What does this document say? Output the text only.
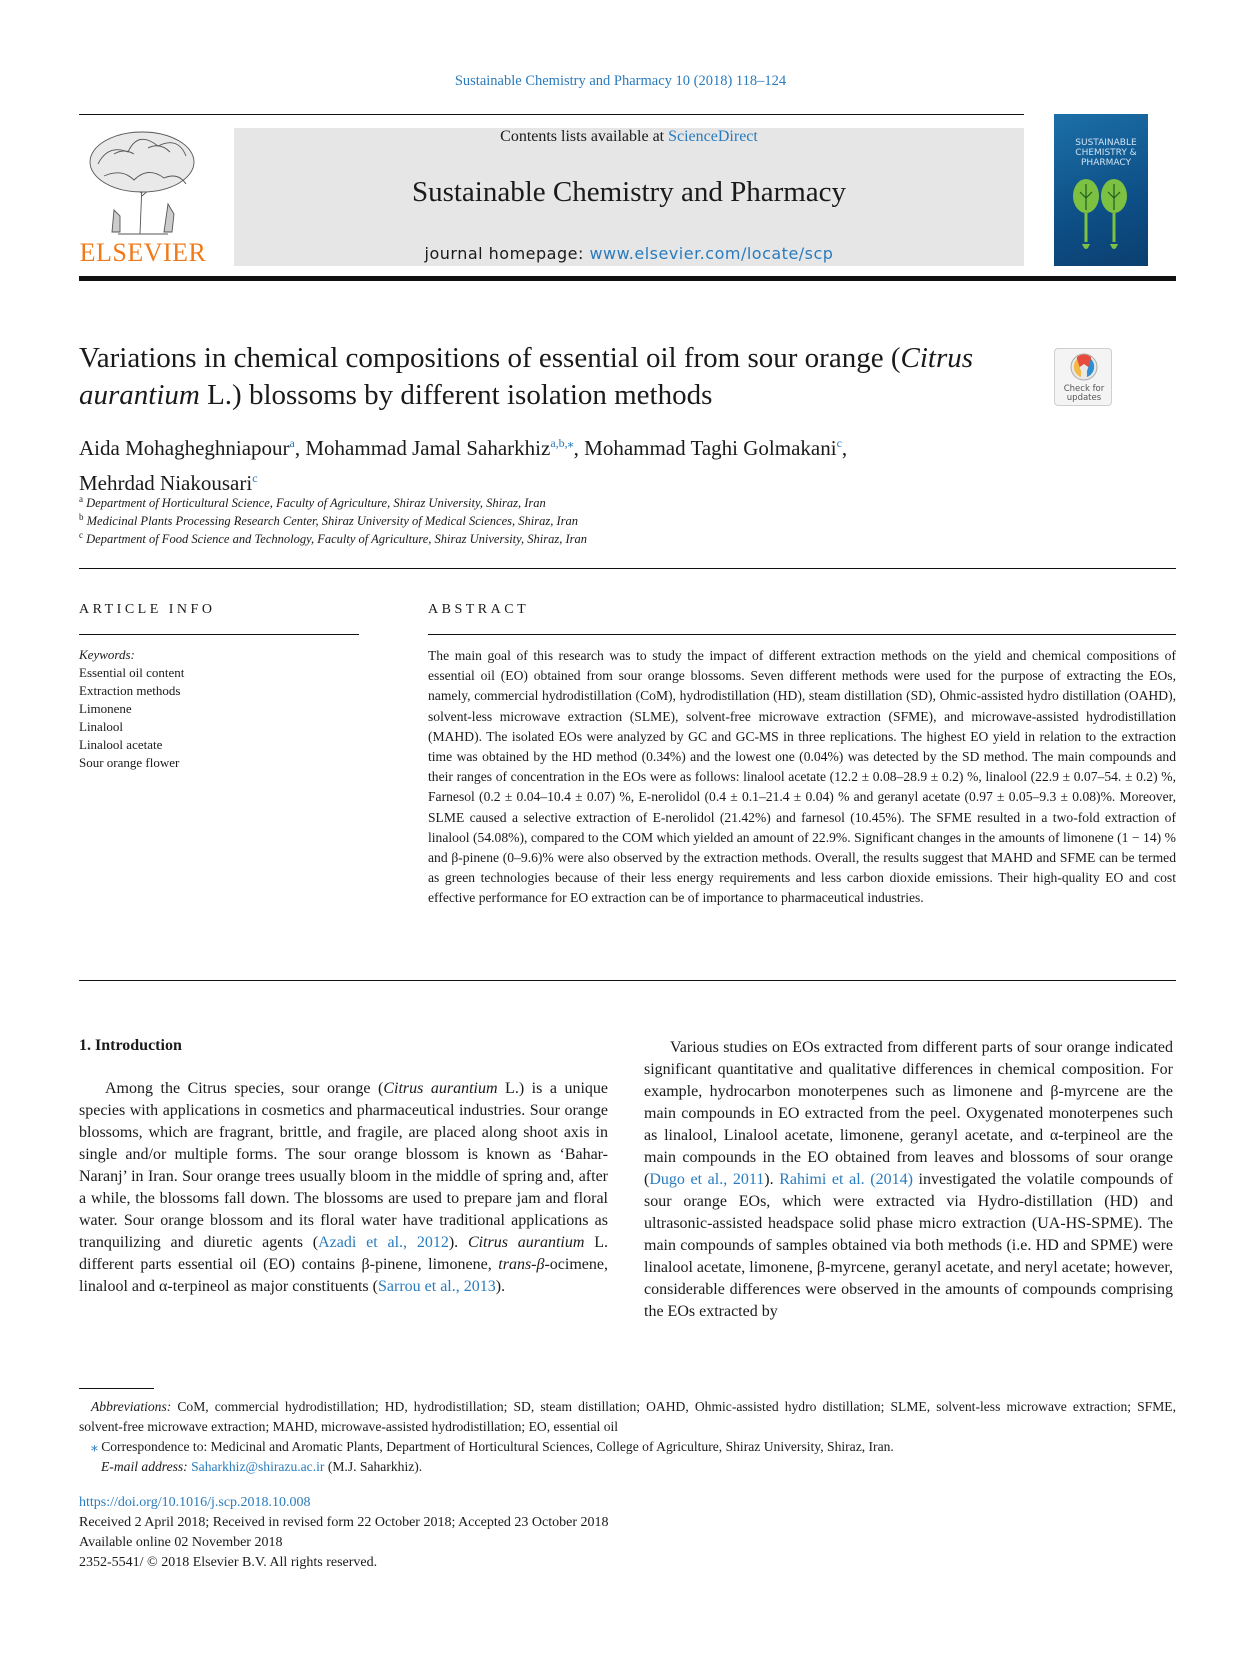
Sustainable Chemistry and Pharmacy 10 (2018) 118–124
ELSEVIER
Contents lists available at ScienceDirect
Sustainable Chemistry and Pharmacy
journal homepage: www.elsevier.com/locate/scp
SUSTAINABLE CHEMISTRY & PHARMACY
Variations in chemical compositions of essential oil from sour orange (Citrus aurantium L.) blossoms by different isolation methods	Check for updates
Aida Mohagheghniapour$^a$, Mohammad Jamal Saharkhiz$^{a,b,⁎}$, Mohammad Taghi Golmakani$^c$,
Mehrdad Niakousari$^c$
$^a$ Department of Horticultural Science, Faculty of Agriculture, Shiraz University, Shiraz, Iran
$^b$ Medicinal Plants Processing Research Center, Shiraz University of Medical Sciences, Shiraz, Iran
$^c$ Department of Food Science and Technology, Faculty of Agriculture, Shiraz University, Shiraz, Iran
ARTICLE INFO
Keywords:
Essential oil content
Extraction methods
Limonene
Linalool
Linalool acetate
Sour orange flower
ABSTRACT
The main goal of this research was to study the impact of different extraction methods on the yield and chemical compositions of essential oil (EO) obtained from sour orange blossoms. Seven different methods were used for the purpose of extracting the EOs, namely, commercial hydrodistillation (CoM), hydrodistillation (HD), steam distillation (SD), Ohmic-assisted hydro distillation (OAHD), solvent-less microwave extraction (SLME), solvent-free microwave extraction (SFME), and microwave-assisted hydrodistillation (MAHD). The isolated EOs were analyzed by GC and GC-MS in three replications. The highest EO yield in relation to the extraction time was obtained by the HD method (0.34%) and the lowest one (0.04%) was detected by the SD method. The main compounds and their ranges of concentration in the EOs were as follows: linalool acetate (12.2 ± 0.08–28.9 ± 0.2) %, linalool (22.9 ± 0.07–54. ± 0.2) %, Farnesol (0.2 ± 0.04–10.4 ± 0.07) %, E-nerolidol (0.4 ± 0.1–21.4 ± 0.04) % and geranyl acetate (0.97 ± 0.05–9.3 ± 0.08)%. Moreover, SLME caused a selective extraction of E-nerolidol (21.42%) and farnesol (10.45%). The SFME resulted in a two-fold extraction of linalool (54.08%), compared to the COM which yielded an amount of 22.9%. Significant changes in the amounts of limonene (1 − 14) % and β-pinene (0–9.6)% were also observed by the extraction methods. Overall, the results suggest that MAHD and SFME can be termed as green technologies because of their less energy requirements and less carbon dioxide emissions. Their high-quality EO and cost effective performance for EO extraction can be of importance to pharmaceutical industries.
1. Introduction
Among the Citrus species, sour orange (Citrus aurantium L.) is a unique species with applications in cosmetics and pharmaceutical industries. Sour orange blossoms, which are fragrant, brittle, and fragile, are placed along shoot axis in single and/or multiple forms. The sour orange blossom is known as ‘Bahar-Naranj’ in Iran. Sour orange trees usually bloom in the middle of spring and, after a while, the blossoms fall down. The blossoms are used to prepare jam and floral water. Sour orange blossom and its floral water have traditional applications as tranquilizing and diuretic agents (Azadi et al., 2012). Citrus aurantium L. different parts essential oil (EO) contains β-pinene, limonene, trans-β-ocimene, linalool and α-terpineol as major constituents (Sarrou et al., 2013).
Various studies on EOs extracted from different parts of sour orange indicated significant quantitative and qualitative differences in chemical composition. For example, hydrocarbon monoterpenes such as limonene and β-myrcene are the main compounds in EO extracted from the peel. Oxygenated monoterpenes such as linalool, Linalool acetate, limonene, geranyl acetate, and α-terpineol are the main compounds in the EO obtained from leaves and blossoms of sour orange (Dugo et al., 2011). Rahimi et al. (2014) investigated the volatile compounds of sour orange EOs, which were extracted via Hydro-distillation (HD) and ultrasonic-assisted headspace solid phase micro extraction (UA-HS-SPME). The main compounds of samples obtained via both methods (i.e. HD and SPME) were linalool acetate, limonene, β-myrcene, geranyl acetate, and neryl acetate; however, considerable differences were observed in the amounts of compounds comprising the EOs extracted by
Abbreviations: CoM, commercial hydrodistillation; HD, hydrodistillation; SD, steam distillation; OAHD, Ohmic-assisted hydro distillation; SLME, solvent-less microwave extraction; SFME, solvent-free microwave extraction; MAHD, microwave-assisted hydrodistillation; EO, essential oil
⁎ Correspondence to: Medicinal and Aromatic Plants, Department of Horticultural Sciences, College of Agriculture, Shiraz University, Shiraz, Iran.
E-mail address: Saharkhiz@shirazu.ac.ir (M.J. Saharkhiz).
https://doi.org/10.1016/j.scp.2018.10.008
Received 2 April 2018; Received in revised form 22 October 2018; Accepted 23 October 2018
Available online 02 November 2018
2352-5541/ © 2018 Elsevier B.V. All rights reserved.
